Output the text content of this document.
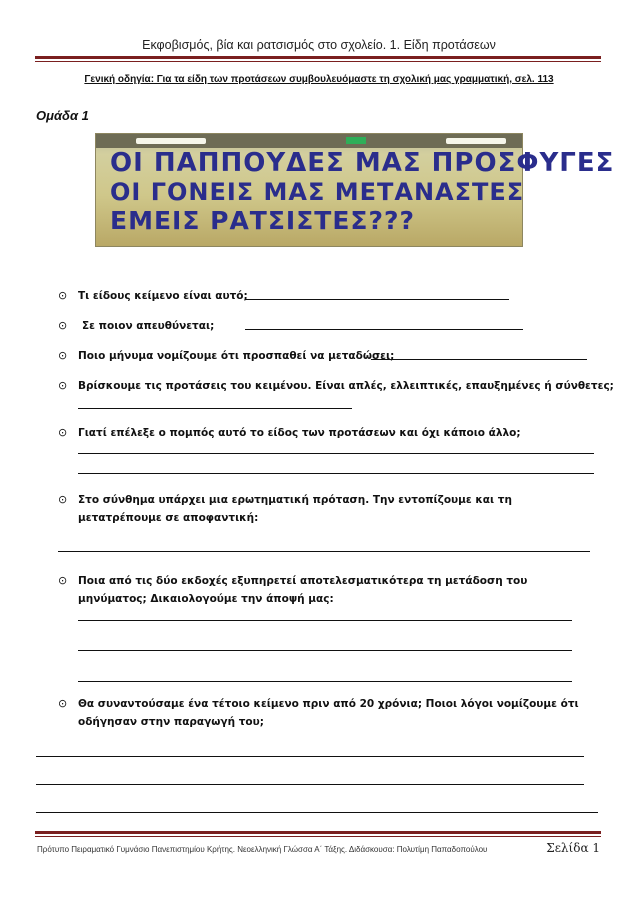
Εκφοβισμός, βία και ρατσισμός στο σχολείο. 1. Είδη προτάσεων
Γενική οδηγία: Για τα είδη των προτάσεων συμβουλευόμαστε τη σχολική μας γραμματική, σελ. 113
Ομάδα 1
ΟΙ ΠΑΠΠΟΥΔΕΣ ΜΑΣ ΠΡΟΣΦΥΓΕΣ
ΟΙ ΓΟΝΕΙΣ ΜΑΣ ΜΕΤΑΝΑΣΤΕΣ
ΕΜΕΙΣ ΡΑΤΣΙΣΤΕΣ???
⊙ Τι είδους κείμενο είναι αυτό;
⊙ Σε ποιον απευθύνεται;
⊙ Ποιο μήνυμα νομίζουμε ότι προσπαθεί να μεταδώσει;
⊙ Βρίσκουμε τις προτάσεις του κειμένου. Είναι απλές, ελλειπτικές, επαυξημένες ή σύνθετες;
⊙ Γιατί επέλεξε ο πομπός αυτό το είδος των προτάσεων και όχι κάποιο άλλο;
⊙ Στο σύνθημα υπάρχει μια ερωτηματική πρόταση. Την εντοπίζουμε και τη μετατρέπουμε σε αποφαντική:
⊙ Ποια από τις δύο εκδοχές εξυπηρετεί αποτελεσματικότερα τη μετάδοση του μηνύματος; Δικαιολογούμε την άποψή μας:
⊙ Θα συναντούσαμε ένα τέτοιο κείμενο πριν από 20 χρόνια; Ποιοι λόγοι νομίζουμε ότι οδήγησαν στην παραγωγή του;
Πρότυπο Πειραματικό Γυμνάσιο Πανεπιστημίου Κρήτης. Νεοελληνική Γλώσσα Α΄ Τάξης. Διδάσκουσα: Πολυτίμη Παπαδοπούλου	Σελίδα 1
